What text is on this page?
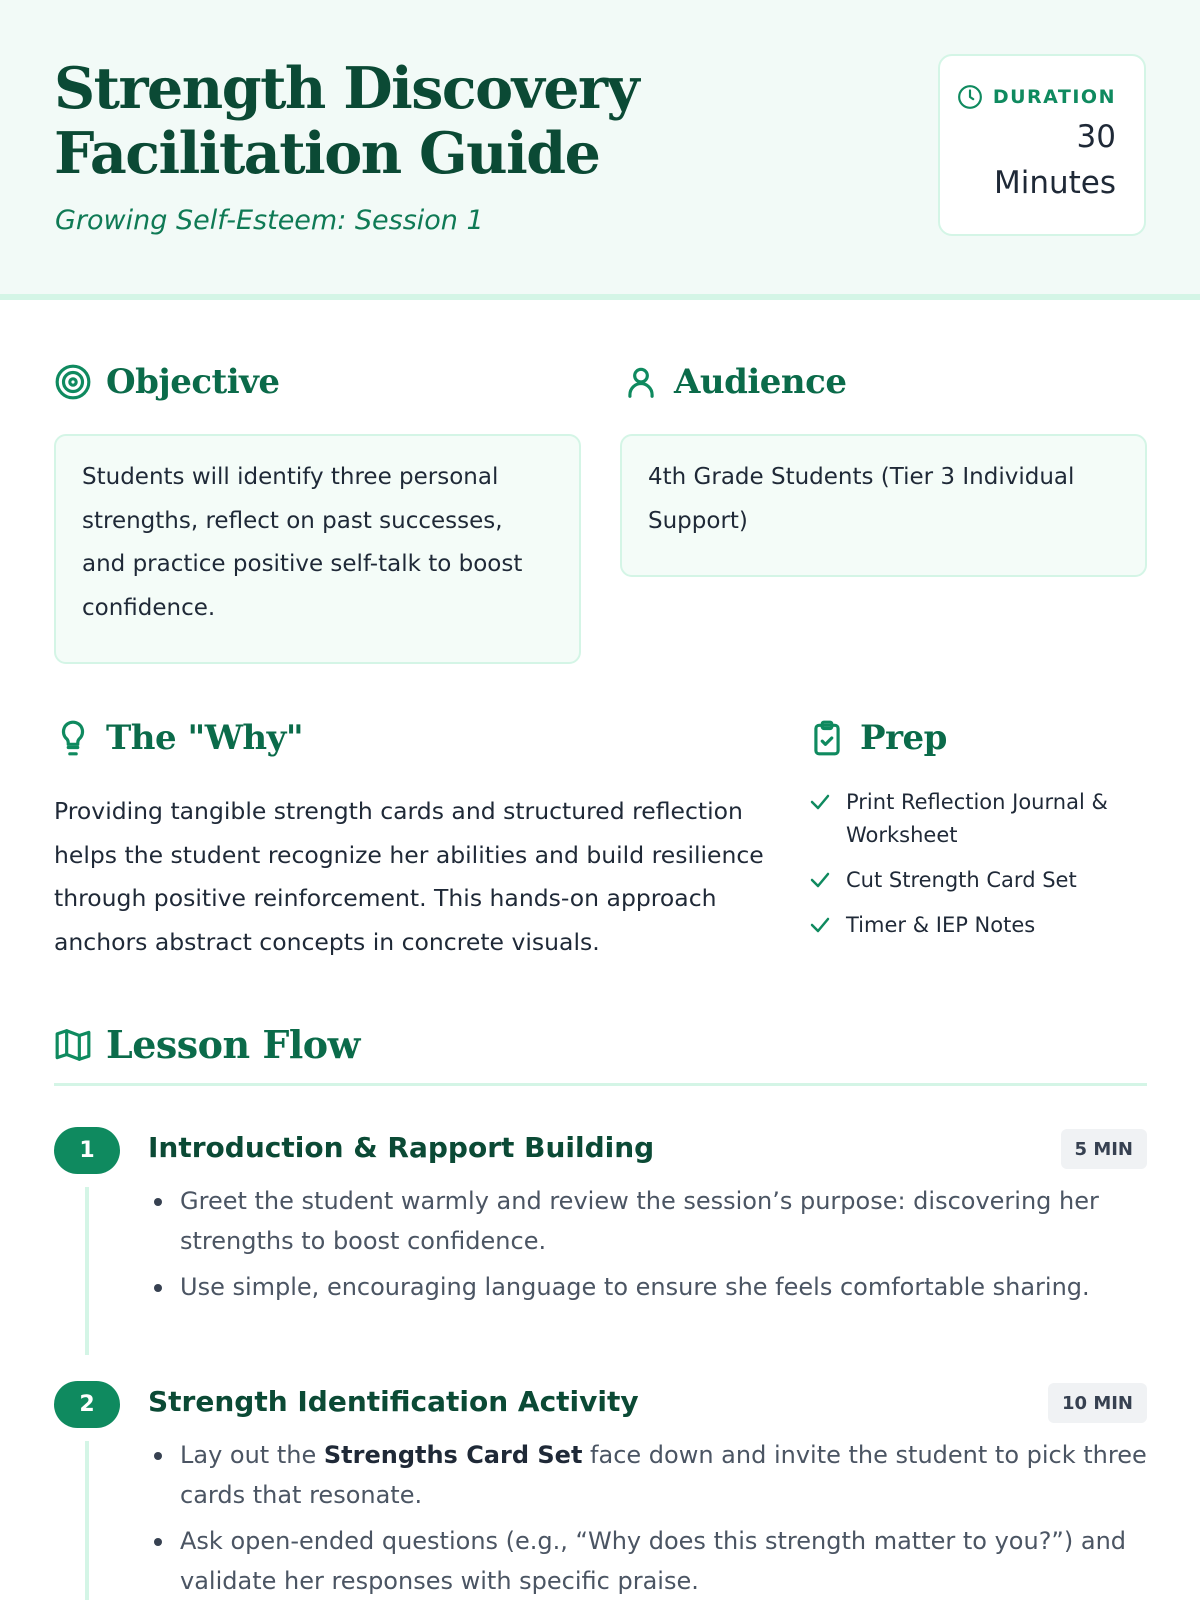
Strength Discovery Facilitation Guide
Growing Self-Esteem: Session 1
DURATION
30
Minutes
Objective
Students will identify three personal strengths, reflect on past successes, and practice positive self-talk to boost confidence.
Audience
4th Grade Students (Tier 3 Individual Support)
The "Why"
Providing tangible strength cards and structured reflection helps the student recognize her abilities and build resilience through positive reinforcement. This hands-on approach anchors abstract concepts in concrete visuals.
Prep
Print Reflection Journal & Worksheet
Cut Strength Card Set
Timer & IEP Notes
Lesson Flow
1	Introduction & Rapport Building	5 MIN
Greet the student warmly and review the session’s purpose: discovering her strengths to boost confidence.
Use simple, encouraging language to ensure she feels comfortable sharing.
2	Strength Identification Activity	10 MIN
Lay out the Strengths Card Set face down and invite the student to pick three cards that resonate.
Ask open-ended questions (e.g., “Why does this strength matter to you?”) and validate her responses with specific praise.
